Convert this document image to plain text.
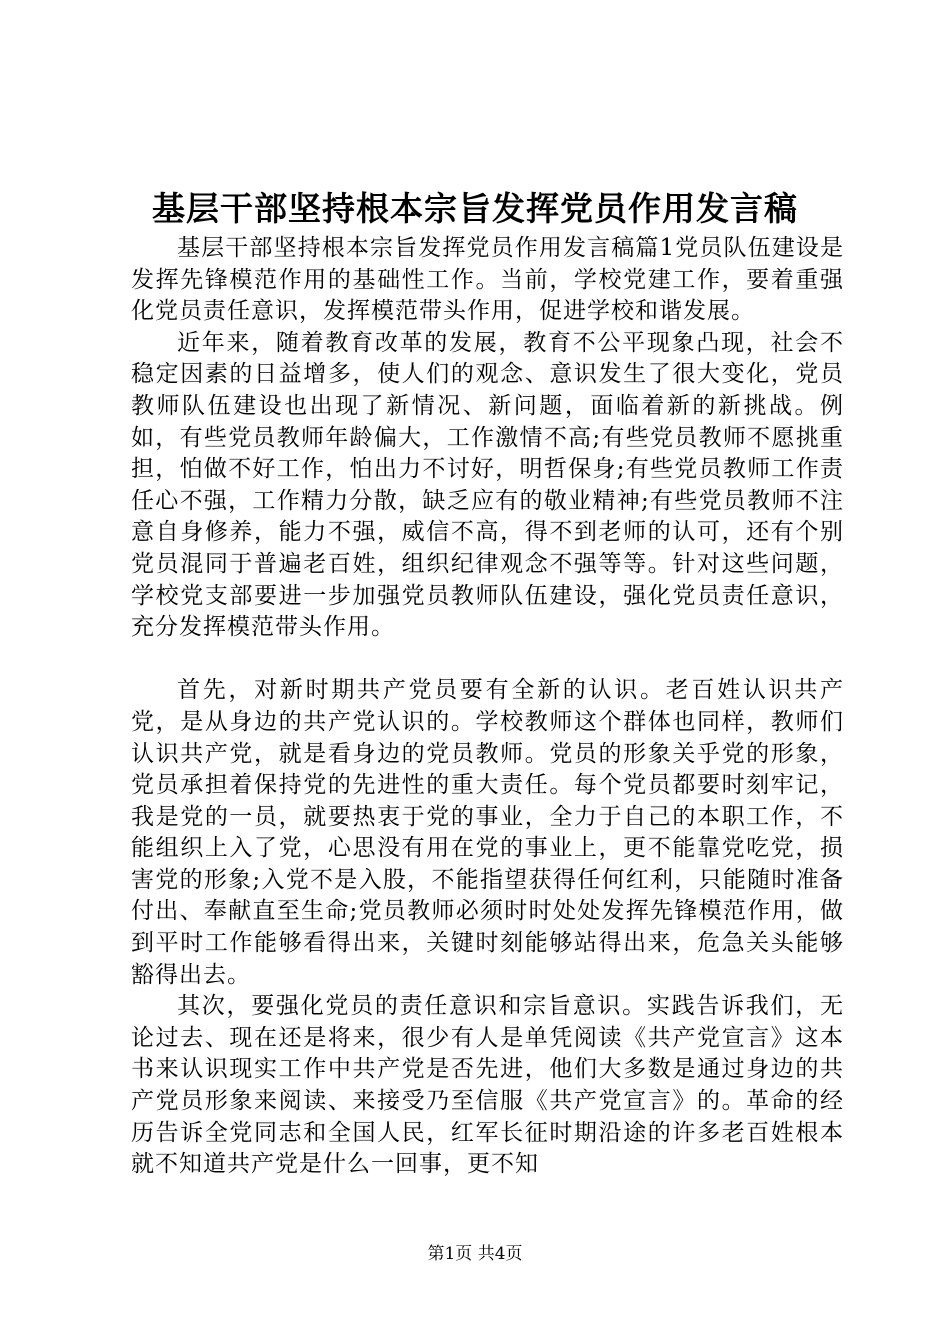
基层干部坚持根本宗旨发挥党员作用发言稿

基层干部坚持根本宗旨发挥党员作用发言稿篇1党员队伍建设是发挥先锋模范作用的基础性工作。当前，学校党建工作，要着重强化党员责任意识，发挥模范带头作用，促进学校和谐发展。

近年来，随着教育改革的发展，教育不公平现象凸现，社会不稳定因素的日益增多，使人们的观念、意识发生了很大变化，党员教师队伍建设也出现了新情况、新问题，面临着新的新挑战。例如，有些党员教师年龄偏大，工作激情不高;有些党员教师不愿挑重担，怕做不好工作，怕出力不讨好，明哲保身;有些党员教师工作责任心不强，工作精力分散，缺乏应有的敬业精神;有些党员教师不注意自身修养，能力不强，威信不高，得不到老师的认可，还有个别党员混同于普遍老百姓，组织纪律观念不强等等。针对这些问题，学校党支部要进一步加强党员教师队伍建设，强化党员责任意识，充分发挥模范带头作用。

首先，对新时期共产党员要有全新的认识。老百姓认识共产党，是从身边的共产党认识的。学校教师这个群体也同样，教师们认识共产党，就是看身边的党员教师。党员的形象关乎党的形象，党员承担着保持党的先进性的重大责任。每个党员都要时刻牢记，我是党的一员，就要热衷于党的事业，全力于自己的本职工作，不能组织上入了党，心思没有用在党的事业上，更不能靠党吃党，损害党的形象;入党不是入股，不能指望获得任何红利，只能随时准备付出、奉献直至生命;党员教师必须时时处处发挥先锋模范作用，做到平时工作能够看得出来，关键时刻能够站得出来，危急关头能够豁得出去。

其次，要强化党员的责任意识和宗旨意识。实践告诉我们，无论过去、现在还是将来，很少有人是单凭阅读《共产党宣言》这本书来认识现实工作中共产党是否先进，他们大多数是通过身边的共产党员形象来阅读、来接受乃至信服《共产党宣言》的。革命的经历告诉全党同志和全国人民，红军长征时期沿途的许多老百姓根本就不知道共产党是什么一回事，更不知

第1页 共4页
